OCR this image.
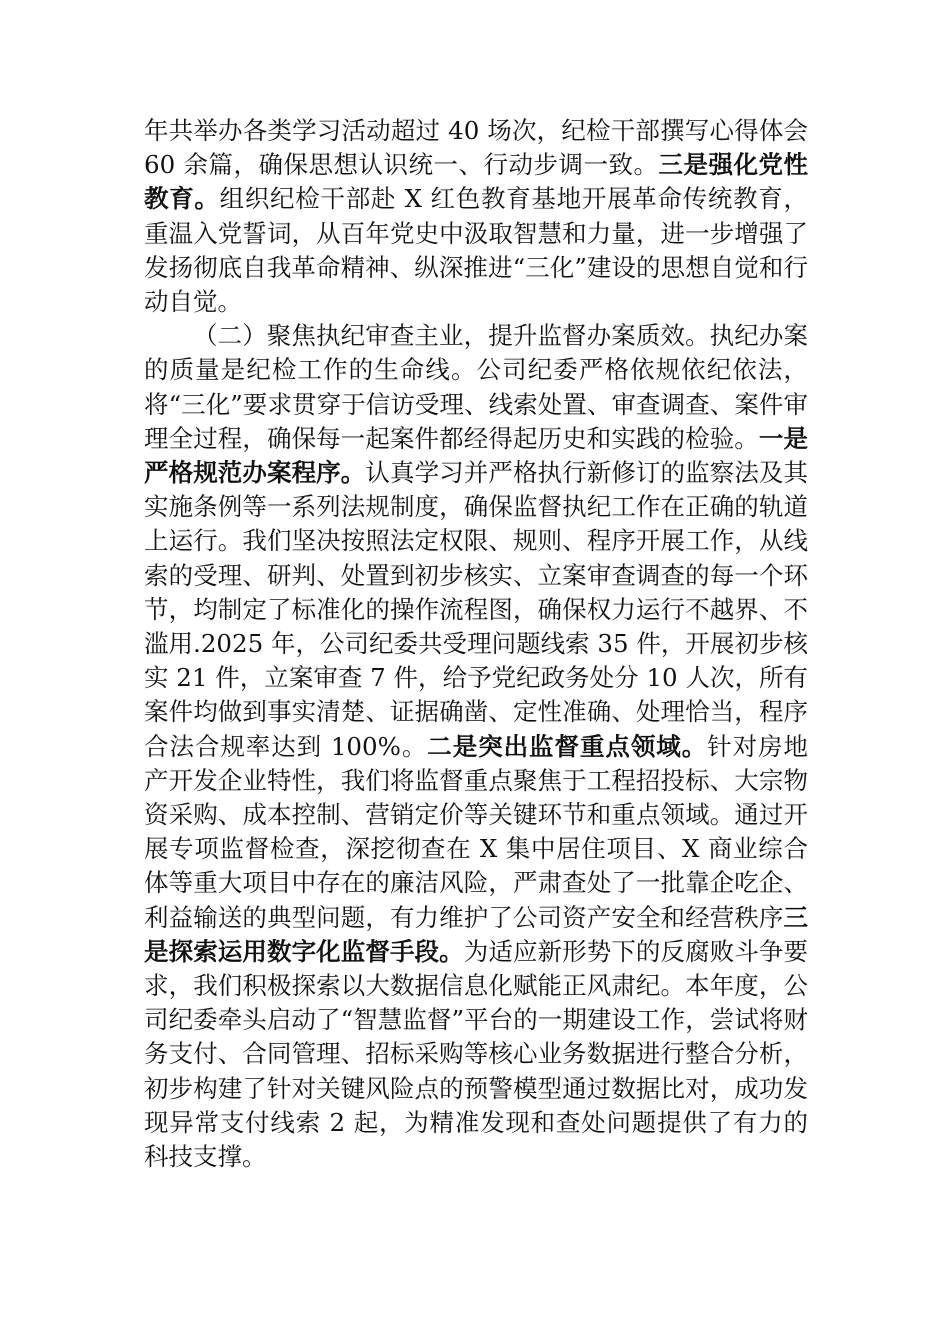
年共举办各类学习活动超过 40 场次，纪检干部撰写心得体会 60 余篇，确保思想认识统一、行动步调一致。三是强化党性教育。组织纪检干部赴 X 红色教育基地开展革命传统教育，重温入党誓词，从百年党史中汲取智慧和力量，进一步增强了发扬彻底自我革命精神、纵深推进“三化”建设的思想自觉和行动自觉。

（二）聚焦执纪审查主业，提升监督办案质效。执纪办案的质量是纪检工作的生命线。公司纪委严格依规依纪依法，将“三化”要求贯穿于信访受理、线索处置、审查调查、案件审理全过程，确保每一起案件都经得起历史和实践的检验。一是严格规范办案程序。认真学习并严格执行新修订的监察法及其实施条例等一系列法规制度，确保监督执纪工作在正确的轨道上运行。我们坚决按照法定权限、规则、程序开展工作，从线索的受理、研判、处置到初步核实、立案审查调查的每一个环节，均制定了标准化的操作流程图，确保权力运行不越界、不滥用.2025 年，公司纪委共受理问题线索 35 件，开展初步核实 21 件，立案审查 7 件，给予党纪政务处分 10 人次，所有案件均做到事实清楚、证据确凿、定性准确、处理恰当，程序合法合规率达到 100%。二是突出监督重点领域。针对房地产开发企业特性，我们将监督重点聚焦于工程招投标、大宗物资采购、成本控制、营销定价等关键环节和重点领域。通过开展专项监督检查，深挖彻查在 X 集中居住项目、X 商业综合体等重大项目中存在的廉洁风险，严肃查处了一批靠企吃企、利益输送的典型问题，有力维护了公司资产安全和经营秩序三是探索运用数字化监督手段。为适应新形势下的反腐败斗争要求，我们积极探索以大数据信息化赋能正风肃纪。本年度，公司纪委牵头启动了“智慧监督”平台的一期建设工作，尝试将财务支付、合同管理、招标采购等核心业务数据进行整合分析，初步构建了针对关键风险点的预警模型通过数据比对，成功发现异常支付线索 2 起，为精准发现和查处问题提供了有力的科技支撑。
